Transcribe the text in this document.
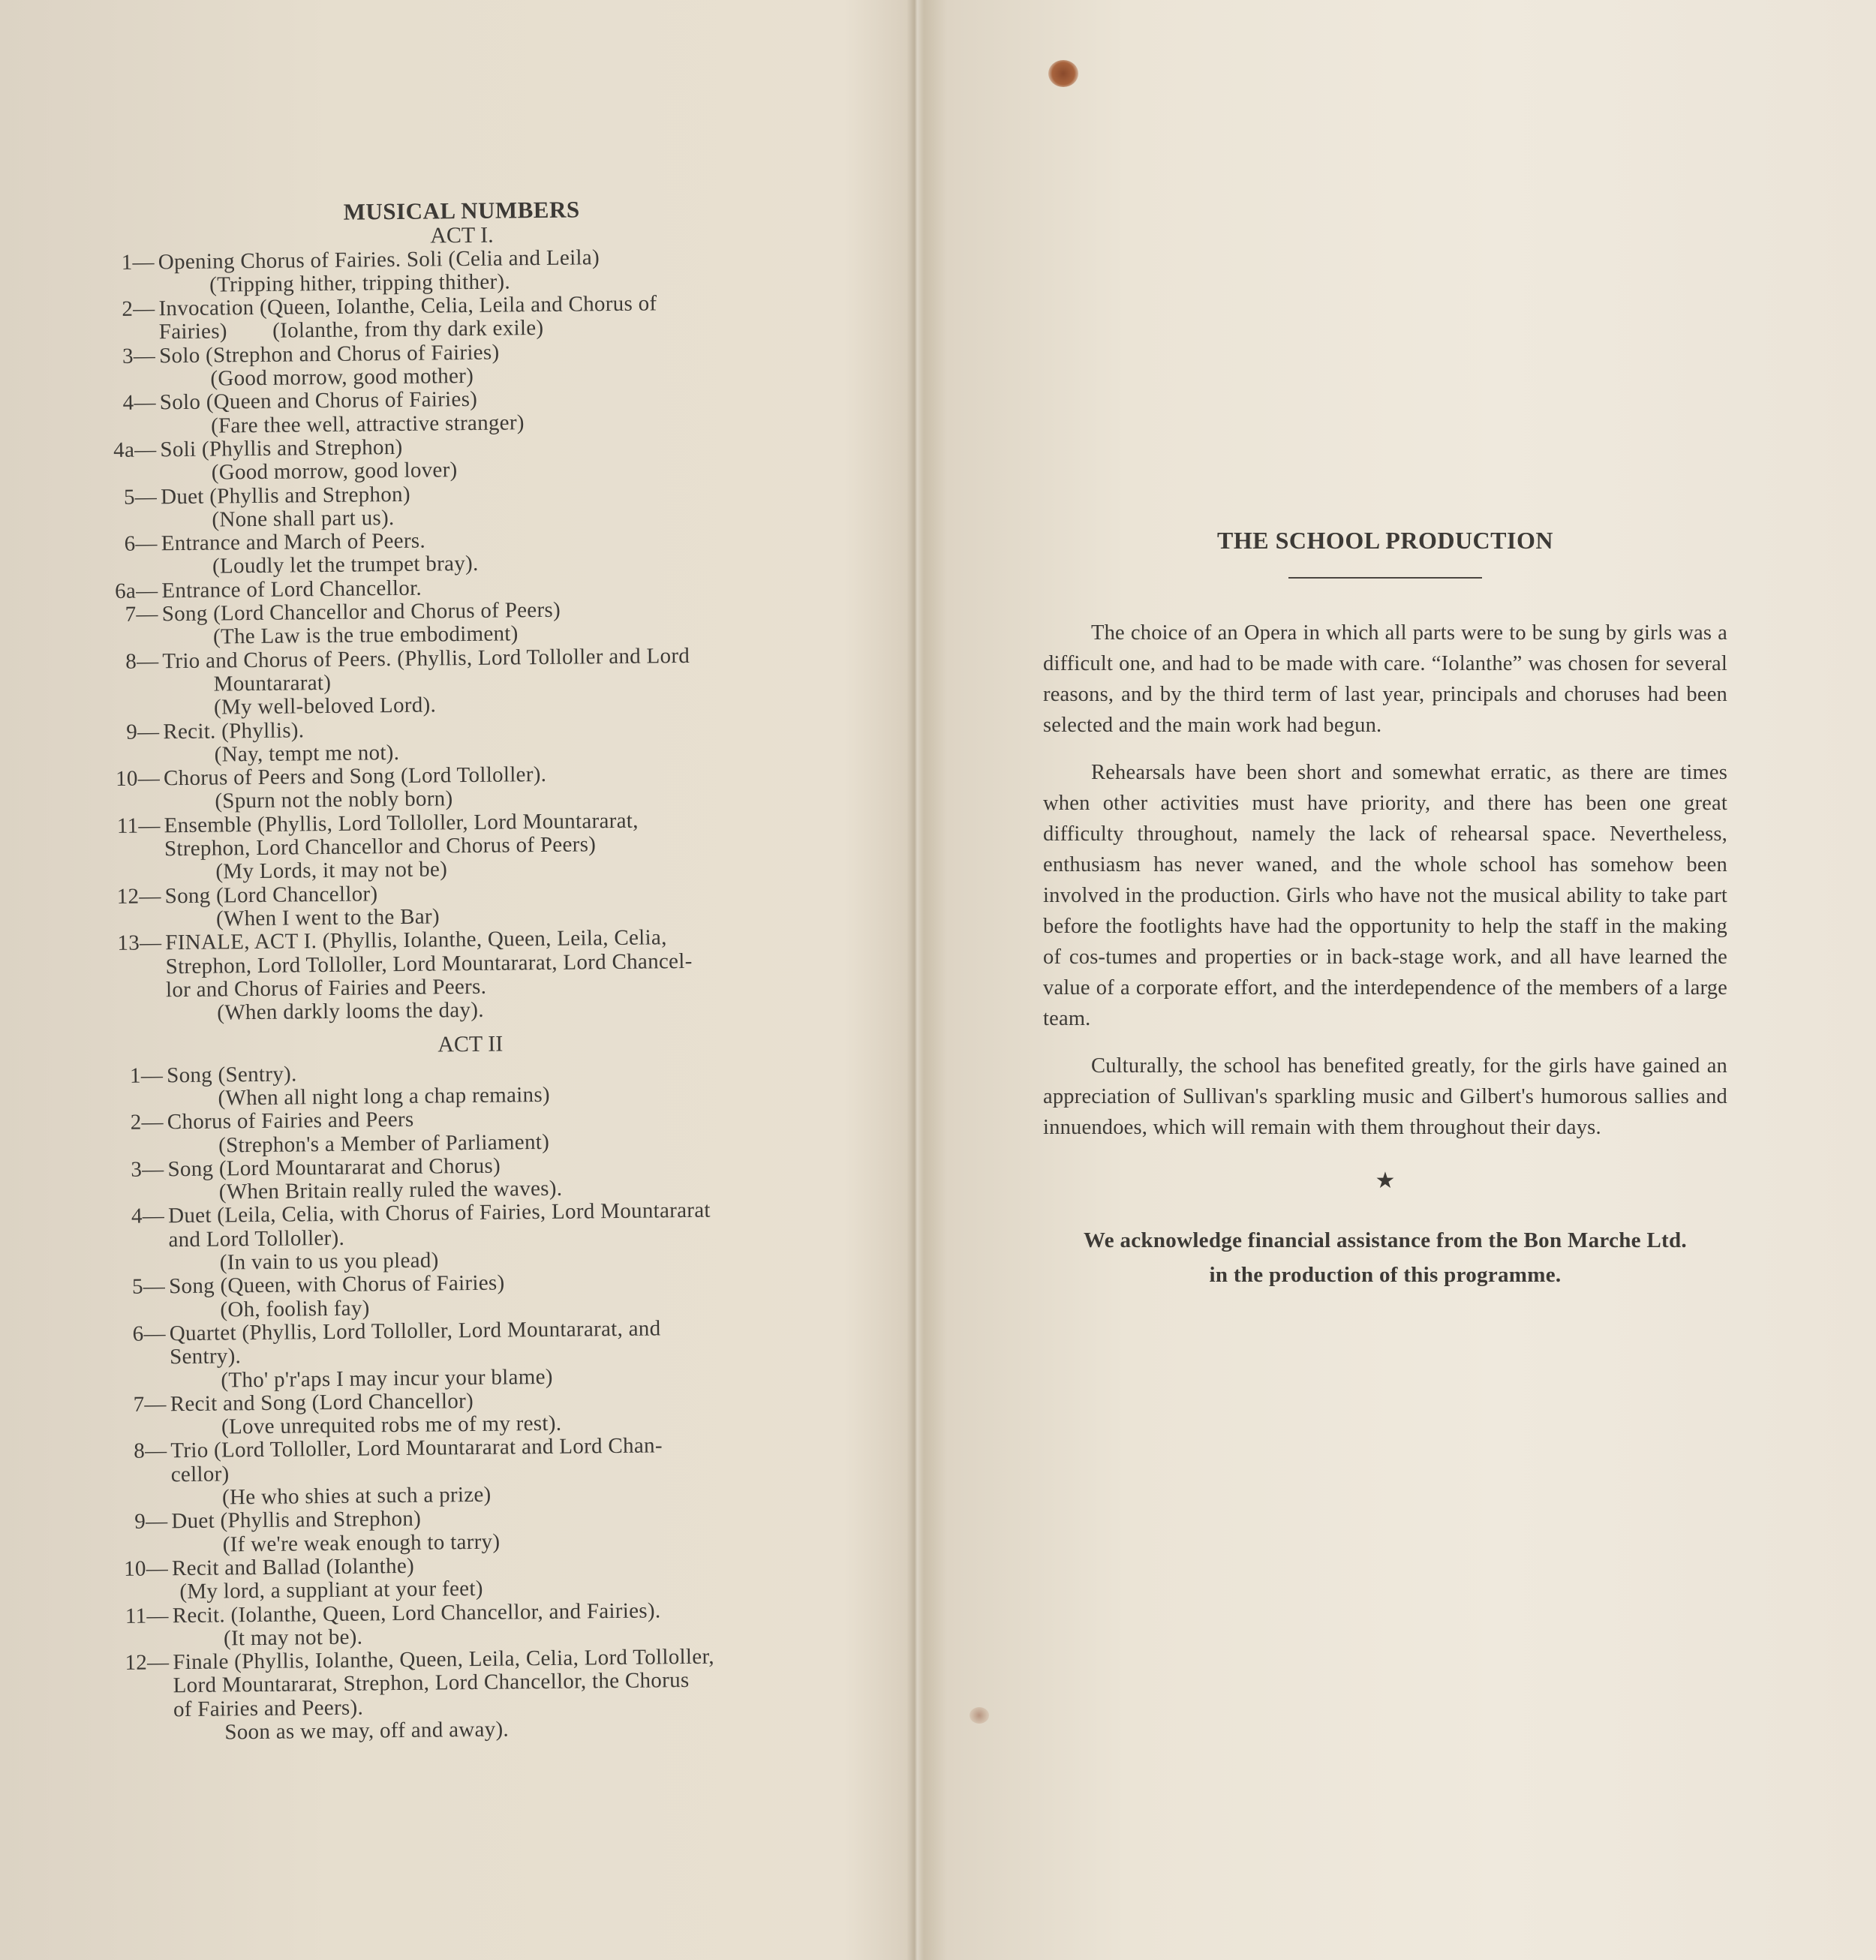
MUSICAL NUMBERS
ACT I.
1— Opening Chorus of Fairies. Soli (Celia and Leila)
(Tripping hither, tripping thither).
2— Invocation (Queen, Iolanthe, Celia, Leila and Chorus of
Fairies)        (Iolanthe, from thy dark exile)
3— Solo (Strephon and Chorus of Fairies)
(Good morrow, good mother)
4— Solo (Queen and Chorus of Fairies)
(Fare thee well, attractive stranger)
4a— Soli (Phyllis and Strephon)
(Good morrow, good lover)
5— Duet (Phyllis and Strephon)
(None shall part us).
6— Entrance and March of Peers.
(Loudly let the trumpet bray).
6a— Entrance of Lord Chancellor.
7— Song (Lord Chancellor and Chorus of Peers)
(The Law is the true embodiment)
8— Trio and Chorus of Peers. (Phyllis, Lord Tolloller and Lord
Mountararat)
(My well-beloved Lord).
9— Recit. (Phyllis).
(Nay, tempt me not).
10— Chorus of Peers and Song (Lord Tolloller).
(Spurn not the nobly born)
11— Ensemble (Phyllis, Lord Tolloller, Lord Mountararat,
Strephon, Lord Chancellor and Chorus of Peers)
(My Lords, it may not be)
12— Song (Lord Chancellor)
(When I went to the Bar)
13— FINALE, ACT I. (Phyllis, Iolanthe, Queen, Leila, Celia,
Strephon, Lord Tolloller, Lord Mountararat, Lord Chancel-
lor and Chorus of Fairies and Peers.
(When darkly looms the day).
ACT II
1— Song (Sentry).
(When all night long a chap remains)
2— Chorus of Fairies and Peers
(Strephon's a Member of Parliament)
3— Song (Lord Mountararat and Chorus)
(When Britain really ruled the waves).
4— Duet (Leila, Celia, with Chorus of Fairies, Lord Mountararat
and Lord Tolloller).
(In vain to us you plead)
5— Song (Queen, with Chorus of Fairies)
(Oh, foolish fay)
6— Quartet (Phyllis, Lord Tolloller, Lord Mountararat, and
Sentry).
(Tho' p'r'aps I may incur your blame)
7— Recit and Song (Lord Chancellor)
(Love unrequited robs me of my rest).
8— Trio (Lord Tolloller, Lord Mountararat and Lord Chan-
cellor)
(He who shies at such a prize)
9— Duet (Phyllis and Strephon)
(If we're weak enough to tarry)
10— Recit and Ballad (Iolanthe)
(My lord, a suppliant at your feet)
11— Recit. (Iolanthe, Queen, Lord Chancellor, and Fairies).
(It may not be).
12— Finale (Phyllis, Iolanthe, Queen, Leila, Celia, Lord Tolloller,
Lord Mountararat, Strephon, Lord Chancellor, the Chorus
of Fairies and Peers).
Soon as we may, off and away).
THE SCHOOL PRODUCTION

The choice of an Opera in which all parts were to be sung by girls was a difficult one, and had to be made with care. “Iolanthe” was chosen for several reasons, and by the third term of last year, principals and choruses had been selected and the main work had begun.

Rehearsals have been short and somewhat erratic, as there are times when other activities must have priority, and there has been one great difficulty throughout, namely the lack of rehearsal space. Nevertheless, enthusiasm has never waned, and the whole school has somehow been involved in the production. Girls who have not the musical ability to take part before the footlights have had the opportunity to help the staff in the making of cos-tumes and properties or in back-stage work, and all have learned the value of a corporate effort, and the interdependence of the members of a large team.

Culturally, the school has benefited greatly, for the girls have gained an appreciation of Sullivan's sparkling music and Gilbert's humorous sallies and innuendoes, which will remain with them throughout their days.

★
We acknowledge financial assistance from the Bon Marche Ltd.
in the production of this programme.
